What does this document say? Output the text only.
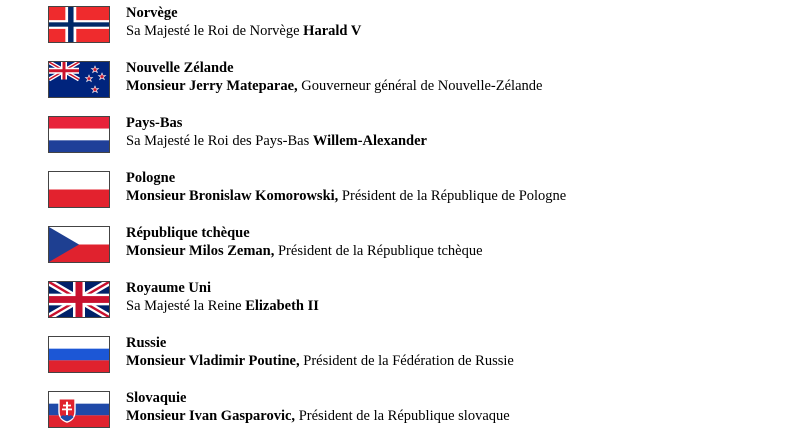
Norvège
Sa Majesté le Roi de Norvège Harald V
Nouvelle Zélande
Monsieur Jerry Mateparae, Gouverneur général de Nouvelle-Zélande
Pays-Bas
Sa Majesté le Roi des Pays-Bas Willem-Alexander
Pologne
Monsieur Bronislaw Komorowski, Président de la République de Pologne
République tchèque
Monsieur Milos Zeman, Président de la République tchèque
Royaume Uni
Sa Majesté la Reine Elizabeth II
Russie
Monsieur Vladimir Poutine, Président de la Fédération de Russie
Slovaquie
Monsieur Ivan Gasparovic, Président de la République slovaque
